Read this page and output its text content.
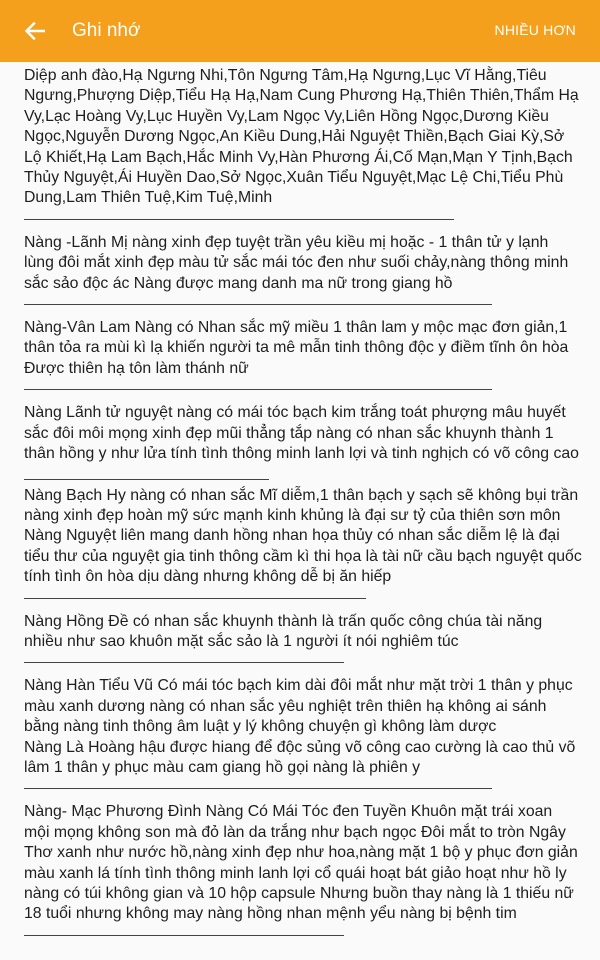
Ghi nhớ	NHIỀU HƠN
Diệp anh đào,Hạ Ngưng Nhi,Tôn Ngưng Tâm,Hạ Ngưng,Lục Vĩ Hằng,Tiêu Ngưng,Phượng Diệp,Tiểu Hạ Hạ,Nam Cung Phương Hạ,Thiên Thiên,Thẩm Hạ Vy,Lạc Hoàng Vy,Lục Huyền Vy,Lam Ngọc Vy,Liên Hồng Ngọc,Dương Kiều Ngọc,Nguyễn Dương Ngọc,An Kiều Dung,Hải Nguyệt Thiền,Bạch Giai Kỳ,Sở Lộ Khiết,Hạ Lam Bạch,Hắc Minh Vy,Hàn Phương Ái,Cố Mạn,Mạn Y Tịnh,Bạch Thủy Nguyệt,Ái Huyền Dao,Sở Ngọc,Xuân Tiểu Nguyệt,Mạc Lệ Chi,Tiểu Phù Dung,Lam Thiên Tuệ,Kim Tuệ,Minh
Nàng -Lãnh Mị nàng xinh đẹp tuyệt trần yêu kiều mị hoặc - 1 thân tử y lạnh lùng đôi mắt xinh đẹp màu tử sắc mái tóc đen như suối chảy,nàng thông minh sắc sảo độc ác Nàng được mang danh ma nữ trong giang hồ
Nàng-Vân Lam Nàng có Nhan sắc mỹ miều 1 thân lam y mộc mạc đơn giản,1 thân tỏa ra mùi kì lạ khiến người ta mê mẫn tinh thông độc y điềm tĩnh ôn hòa Được thiên hạ tôn làm thánh nữ
Nàng Lãnh tử nguyệt nàng có mái tóc bạch kim trắng toát phượng mâu huyết sắc đôi môi mọng xinh đẹp mũi thẳng tắp nàng có nhan sắc khuynh thành 1 thân hồng y như lửa tính tình thông minh lanh lợi và tinh nghịch có võ công cao
Nàng Bạch Hy nàng có nhan sắc Mĩ diễm,1 thân bạch y sạch sẽ không bụi trần nàng xinh đẹp hoàn mỹ sức mạnh kinh khủng là đại sư tỷ của thiên sơn môn
Nàng Nguyệt liên mang danh hồng nhan họa thủy có nhan sắc diễm lệ là đại tiểu thư của nguyệt gia tinh thông cầm kì thi họa là tài nữ cầu bạch nguyệt quốc tính tình ôn hòa dịu dàng nhưng không dễ bị ăn hiếp
Nàng Hồng Đề có nhan sắc khuynh thành là trấn quốc công chúa tài năng nhiều như sao khuôn mặt sắc sảo là 1 người ít nói nghiêm túc
Nàng Hàn Tiểu Vũ Có mái tóc bạch kim dài đôi mắt như mặt trời 1 thân y phục màu xanh dương nàng có nhan sắc yêu nghiệt trên thiên hạ không ai sánh bằng nàng tinh thông âm luật y lý không chuyện gì không làm dược
Nàng Là Hoàng hậu được hiang để độc sủng võ công cao cường là cao thủ võ lâm 1 thân y phục màu cam giang hồ gọi nàng là phiên y
Nàng- Mạc Phương Đình Nàng Có Mái Tóc đen Tuyền Khuôn mặt trái xoan mội mọng không son mà đỏ làn da trắng như bạch ngọc Đôi mắt to tròn Ngây Thơ xanh như nước hồ,nàng xinh đẹp như hoa,nàng mặt 1 bộ y phục đơn giản màu xanh lá tính tình thông minh lanh lợi cổ quái hoạt bát giảo hoạt như hồ ly nàng có túi không gian và 10 hộp capsule Nhưng buồn thay nàng là 1 thiếu nữ 18 tuổi nhưng không may nàng hồng nhan mệnh yểu nàng bị bệnh tim
